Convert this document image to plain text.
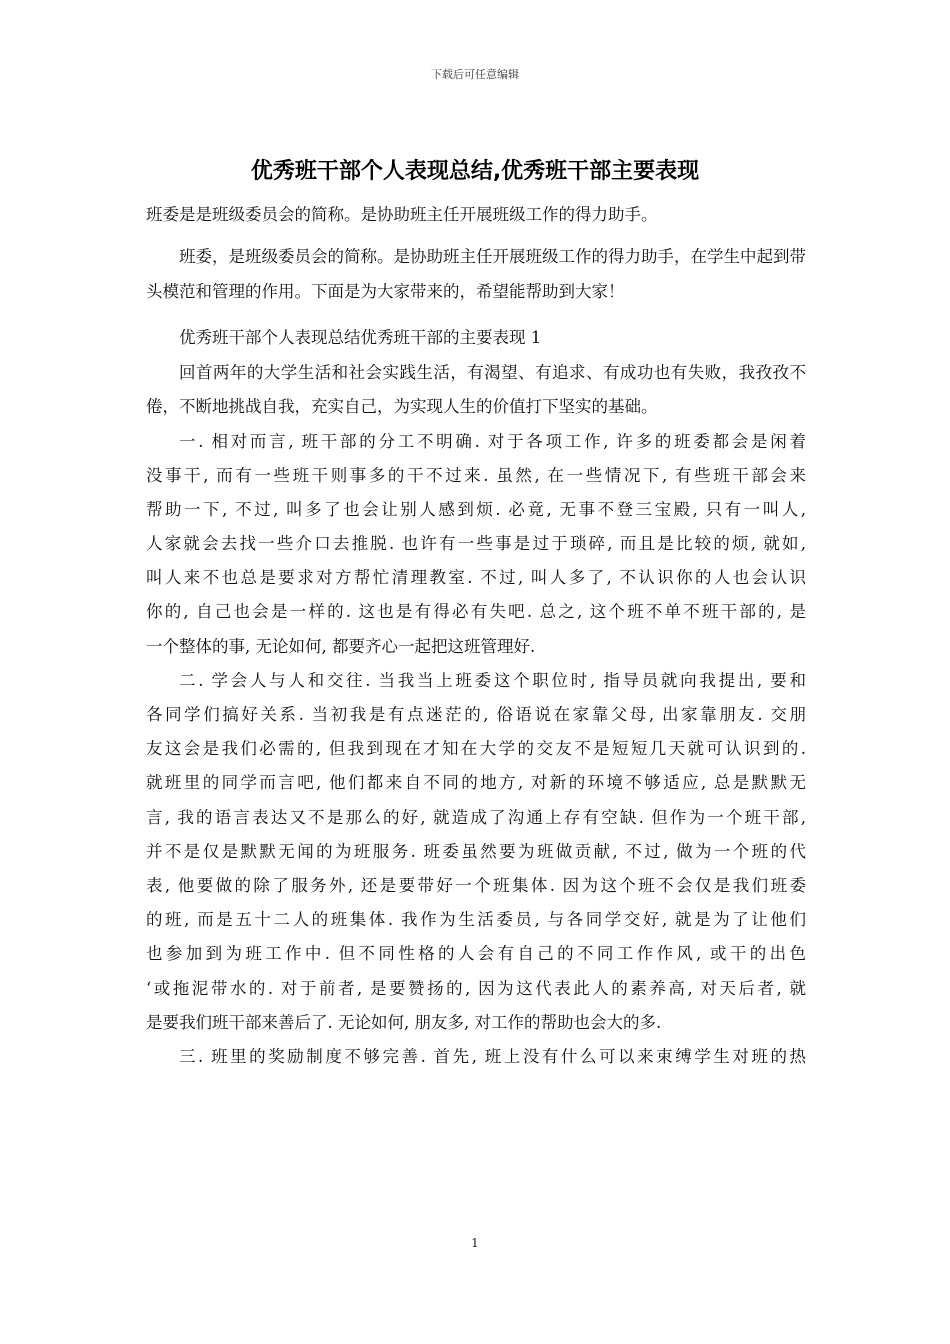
下载后可任意编辑
优秀班干部个人表现总结,优秀班干部主要表现

班委是是班级委员会的简称。是协助班主任开展班级工作的得力助手。

班委，是班级委员会的简称。是协助班主任开展班级工作的得力助手，在学生中起到带头模范和管理的作用。下面是为大家带来的，希望能帮助到大家！

优秀班干部个人表现总结优秀班干部的主要表现 1

回首两年的大学生活和社会实践生活，有渴望、有追求、有成功也有失败，我孜孜不倦，不断地挑战自我，充实自己，为实现人生的价值打下坚实的基础。

一. 相对而言, 班干部的分工不明确. 对于各项工作, 许多的班委都会是闲着
没事干, 而有一些班干则事多的干不过来. 虽然, 在一些情况下, 有些班干部会来
帮助一下, 不过, 叫多了也会让别人感到烦. 必竟, 无事不登三宝殿, 只有一叫人,
人家就会去找一些介口去推脱. 也许有一些事是过于琐碎, 而且是比较的烦, 就如,
叫人来不也总是要求对方帮忙清理教室. 不过, 叫人多了, 不认识你的人也会认识
你的, 自己也会是一样的. 这也是有得必有失吧. 总之, 这个班不单不班干部的, 是
一个整体的事, 无论如何, 都要齐心一起把这班管理好.
二. 学会人与人和交往. 当我当上班委这个职位时, 指导员就向我提出, 要和
各同学们搞好关系. 当初我是有点迷茫的, 俗语说在家靠父母, 出家靠朋友. 交朋
友这会是我们必需的, 但我到现在才知在大学的交友不是短短几天就可认识到的.
就班里的同学而言吧, 他们都来自不同的地方, 对新的环境不够适应, 总是默默无
言, 我的语言表达又不是那么的好, 就造成了沟通上存有空缺. 但作为一个班干部,
并不是仅是默默无闻的为班服务. 班委虽然要为班做贡献, 不过, 做为一个班的代
表, 他要做的除了服务外, 还是要带好一个班集体. 因为这个班不会仅是我们班委
的班, 而是五十二人的班集体. 我作为生活委员, 与各同学交好, 就是为了让他们
也参加到为班工作中. 但不同性格的人会有自己的不同工作作风, 或干的出色
‘或拖泥带水的. 对于前者, 是要赞扬的, 因为这代表此人的素养高, 对天后者, 就
是要我们班干部来善后了. 无论如何, 朋友多, 对工作的帮助也会大的多.
三. 班里的奖励制度不够完善. 首先, 班上没有什么可以来束缚学生对班的热
1
